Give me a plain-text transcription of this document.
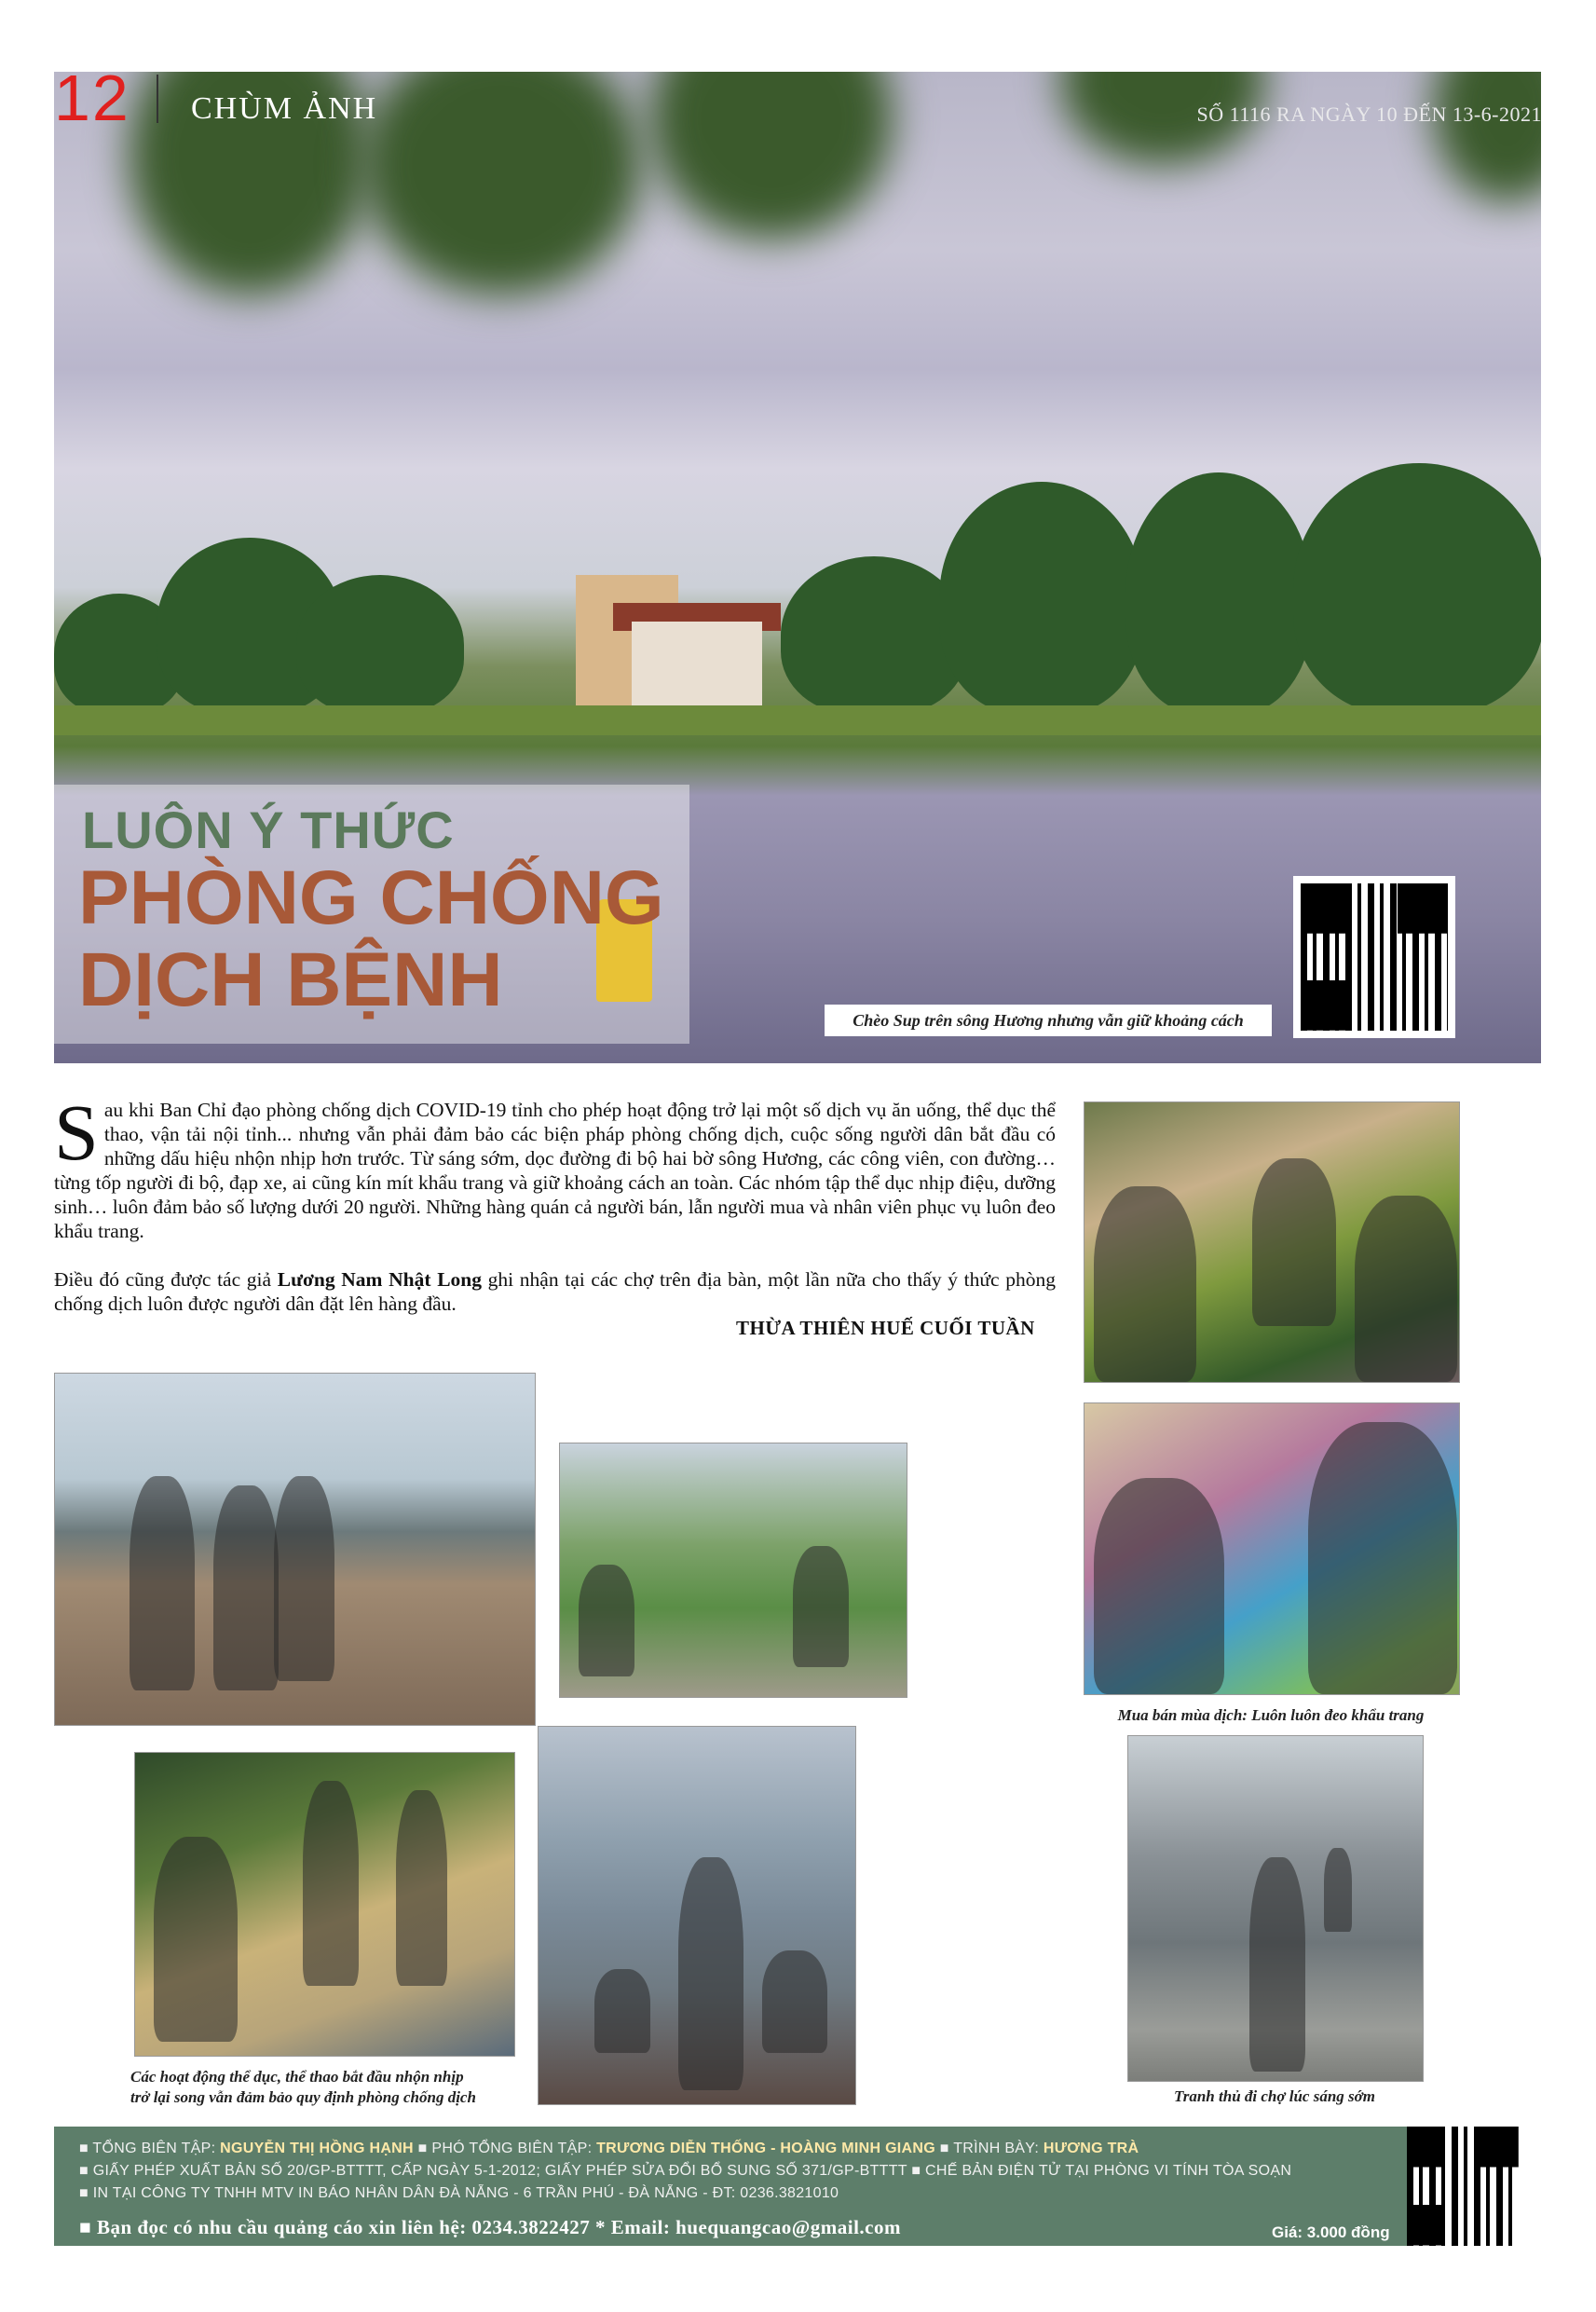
12 CHÙM ẢNH	SỐ 1116 RA NGÀY 10 ĐẾN 13-6-2021
LUÔN Ý THỨC
PHÒNG CHỐNG
DỊCH BỆNH	Chèo Sup trên sông Hương nhưng vẫn giữ khoảng cách

Sau khi Ban Chỉ đạo phòng chống dịch COVID-19 tỉnh cho phép hoạt động trở lại một số dịch vụ ăn uống, thể dục thể thao, vận tải nội tỉnh... nhưng vẫn phải đảm bảo các biện pháp phòng chống dịch, cuộc sống người dân bắt đầu có những dấu hiệu nhộn nhịp hơn trước. Từ sáng sớm, dọc đường đi bộ hai bờ sông Hương, các công viên, con đường… từng tốp người đi bộ, đạp xe, ai cũng kín mít khẩu trang và giữ khoảng cách an toàn. Các nhóm tập thể dục nhịp điệu, dưỡng sinh… luôn đảm bảo số lượng dưới 20 người. Những hàng quán cả người bán, lẫn người mua và nhân viên phục vụ luôn đeo khẩu trang.

Điều đó cũng được tác giả Lương Nam Nhật Long ghi nhận tại các chợ trên địa bàn, một lần nữa cho thấy ý thức phòng chống dịch luôn được người dân đặt lên hàng đầu.

THỪA THIÊN HUẾ CUỐI TUẦN
Mua bán mùa dịch: Luôn luôn đeo khẩu trang
Các hoạt động thể dục, thể thao bắt đầu nhộn nhịp
trở lại song vẫn đảm bảo quy định phòng chống dịch	Tranh thủ đi chợ lúc sáng sớm
■ TỔNG BIÊN TẬP: NGUYỄN THỊ HỒNG HẠNH ■ PHÓ TỔNG BIÊN TẬP: TRƯƠNG DIỄN THỐNG - HOÀNG MINH GIANG ■ TRÌNH BÀY: HƯƠNG TRÀ
■ GIẤY PHÉP XUẤT BẢN SỐ 20/GP-BTTTT, CẤP NGÀY 5-1-2012; GIẤY PHÉP SỬA ĐỔI BỔ SUNG SỐ 371/GP-BTTTT ■ CHẾ BẢN ĐIỆN TỬ TẠI PHÒNG VI TÍNH TÒA SOẠN
■ IN TẠI CÔNG TY TNHH MTV IN BÁO NHÂN DÂN ĐÀ NẴNG - 6 TRẦN PHÚ - ĐÀ NẴNG - ĐT: 0236.3821010
■ Bạn đọc có nhu cầu quảng cáo xin liên hệ: 0234.3822427 * Email: huequangcao@gmail.com	Giá: 3.000 đồng
